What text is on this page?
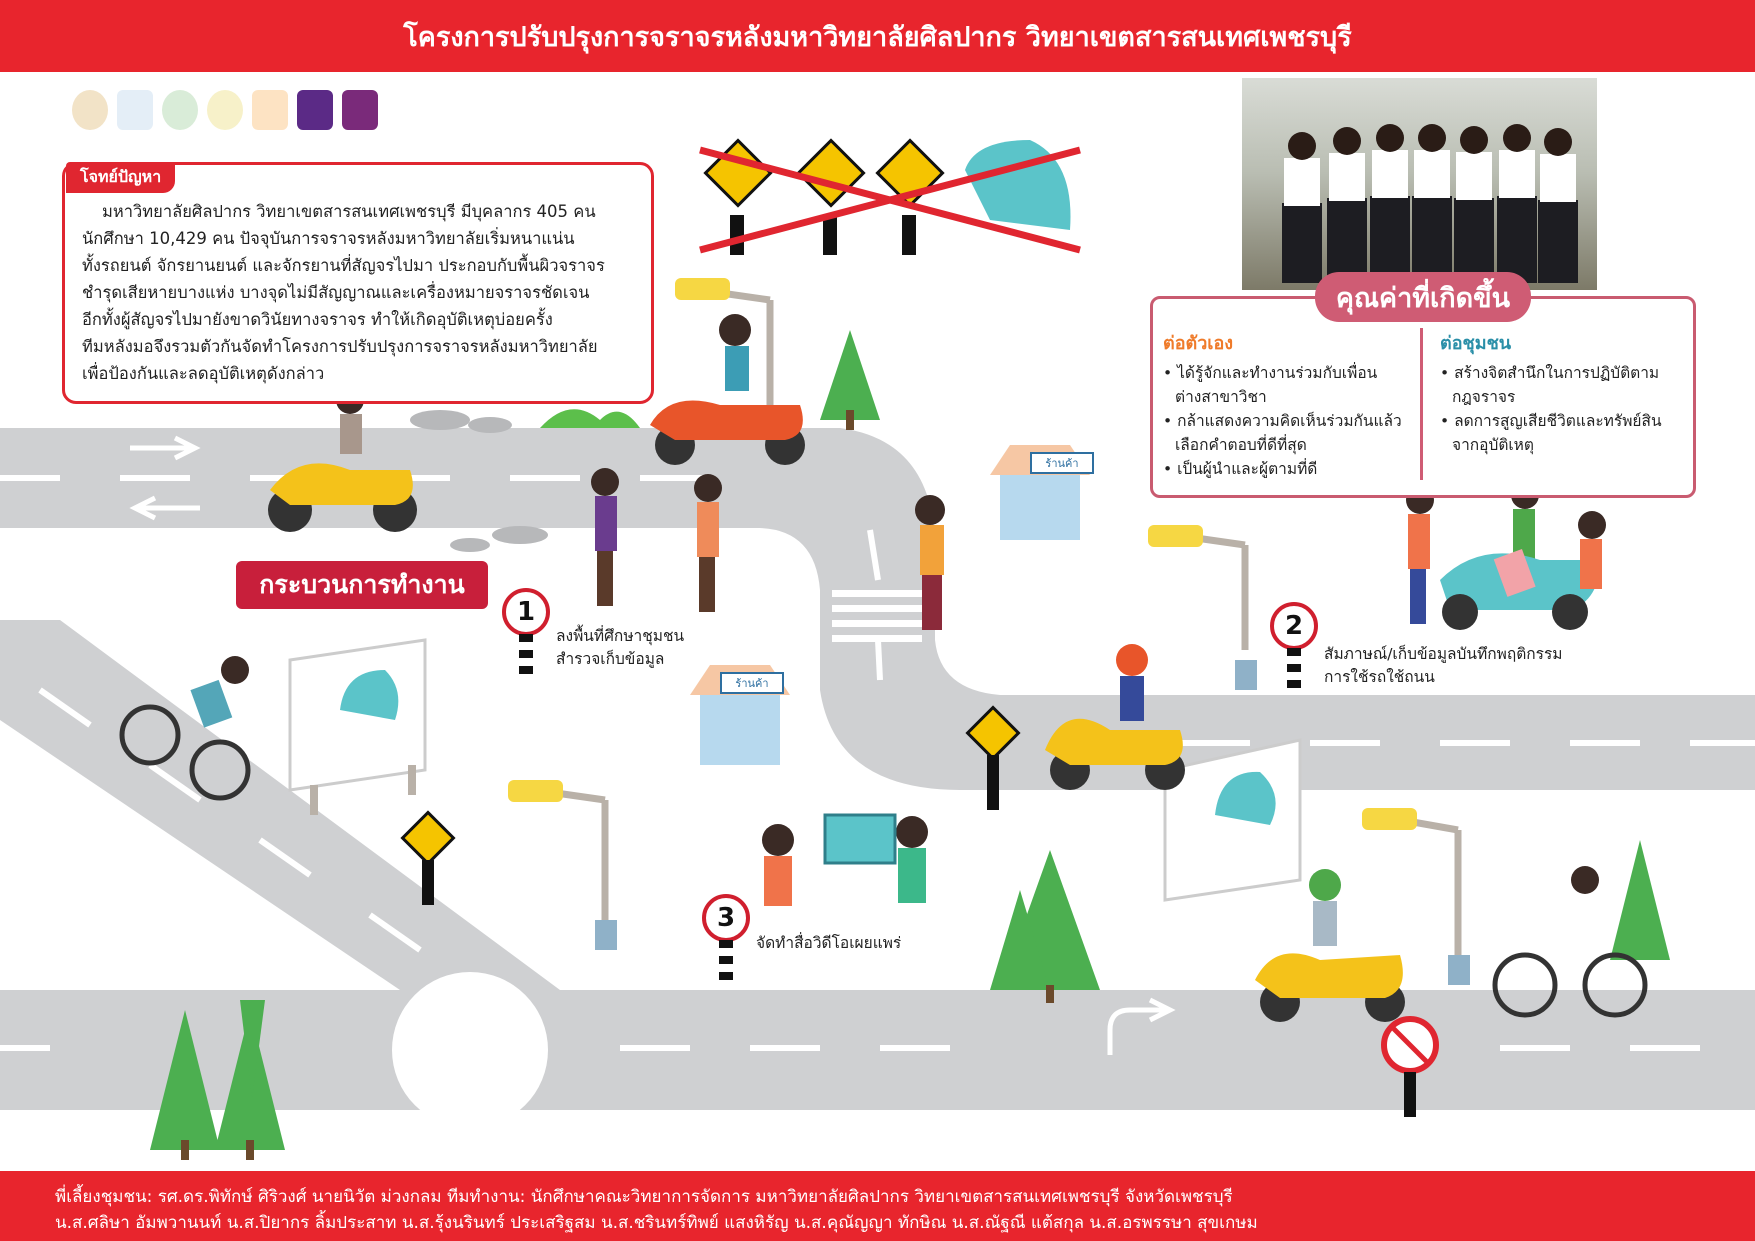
โครงการปรับปรุงการจราจรหลังมหาวิทยาลัยศิลปากร วิทยาเขตสารสนเทศเพชรบุรี
โจทย์ปัญหา
มหาวิทยาลัยศิลปากร วิทยาเขตสารสนเทศเพชรบุรี มีบุคลากร 405 คน
นักศึกษา 10,429 คน ปัจจุบันการจราจรหลังมหาวิทยาลัยเริ่มหนาแน่น
ทั้งรถยนต์ จักรยานยนต์ และจักรยานที่สัญจรไปมา ประกอบกับพื้นผิวจราจร
ชำรุดเสียหายบางแห่ง บางจุดไม่มีสัญญาณและเครื่องหมายจราจรชัดเจน
อีกทั้งผู้สัญจรไปมายังขาดวินัยทางจราจร ทำให้เกิดอุบัติเหตุบ่อยครั้ง
ทีมหลังมอจึงรวมตัวกันจัดทำโครงการปรับปรุงการจราจรหลังมหาวิทยาลัย
เพื่อป้องกันและลดอุบัติเหตุดังกล่าว
คุณค่าที่เกิดขึ้น
ต่อตัวเอง
• ได้รู้จักและทำงานร่วมกับเพื่อน
ต่างสาขาวิชา
• กล้าแสดงความคิดเห็นร่วมกันแล้ว
เลือกคำตอบที่ดีที่สุด
• เป็นผู้นำและผู้ตามที่ดี
ต่อชุมชน
• สร้างจิตสำนึกในการปฏิบัติตาม
กฎจราจร
• ลดการสูญเสียชีวิตและทรัพย์สิน
จากอุบัติเหตุ
ร้านค้า
ร้านค้า
กระบวนการทำงาน
1
ลงพื้นที่ศึกษาชุมชน
สำรวจเก็บข้อมูล
2
สัมภาษณ์/เก็บข้อมูลบันทึกพฤติกรรม
การใช้รถใช้ถนน
3
จัดทำสื่อวิดีโอเผยแพร่
พี่เลี้ยงชุมชน: รศ.ดร.พิทักษ์ ศิริวงศ์ นายนิวัต ม่วงกลม ทีมทำงาน: นักศึกษาคณะวิทยาการจัดการ มหาวิทยาลัยศิลปากร วิทยาเขตสารสนเทศเพชรบุรี จังหวัดเพชรบุรี
น.ส.ศลิษา อัมพวานนท์ น.ส.ปิยากร ลิ้มประสาท น.ส.รุ้งนรินทร์ ประเสริฐสม น.ส.ชรินทร์ทิพย์ แสงหิรัญ น.ส.คุณัญญา ทักษิณ น.ส.ณัฐณี แต้สกุล น.ส.อรพรรษา สุขเกษม
